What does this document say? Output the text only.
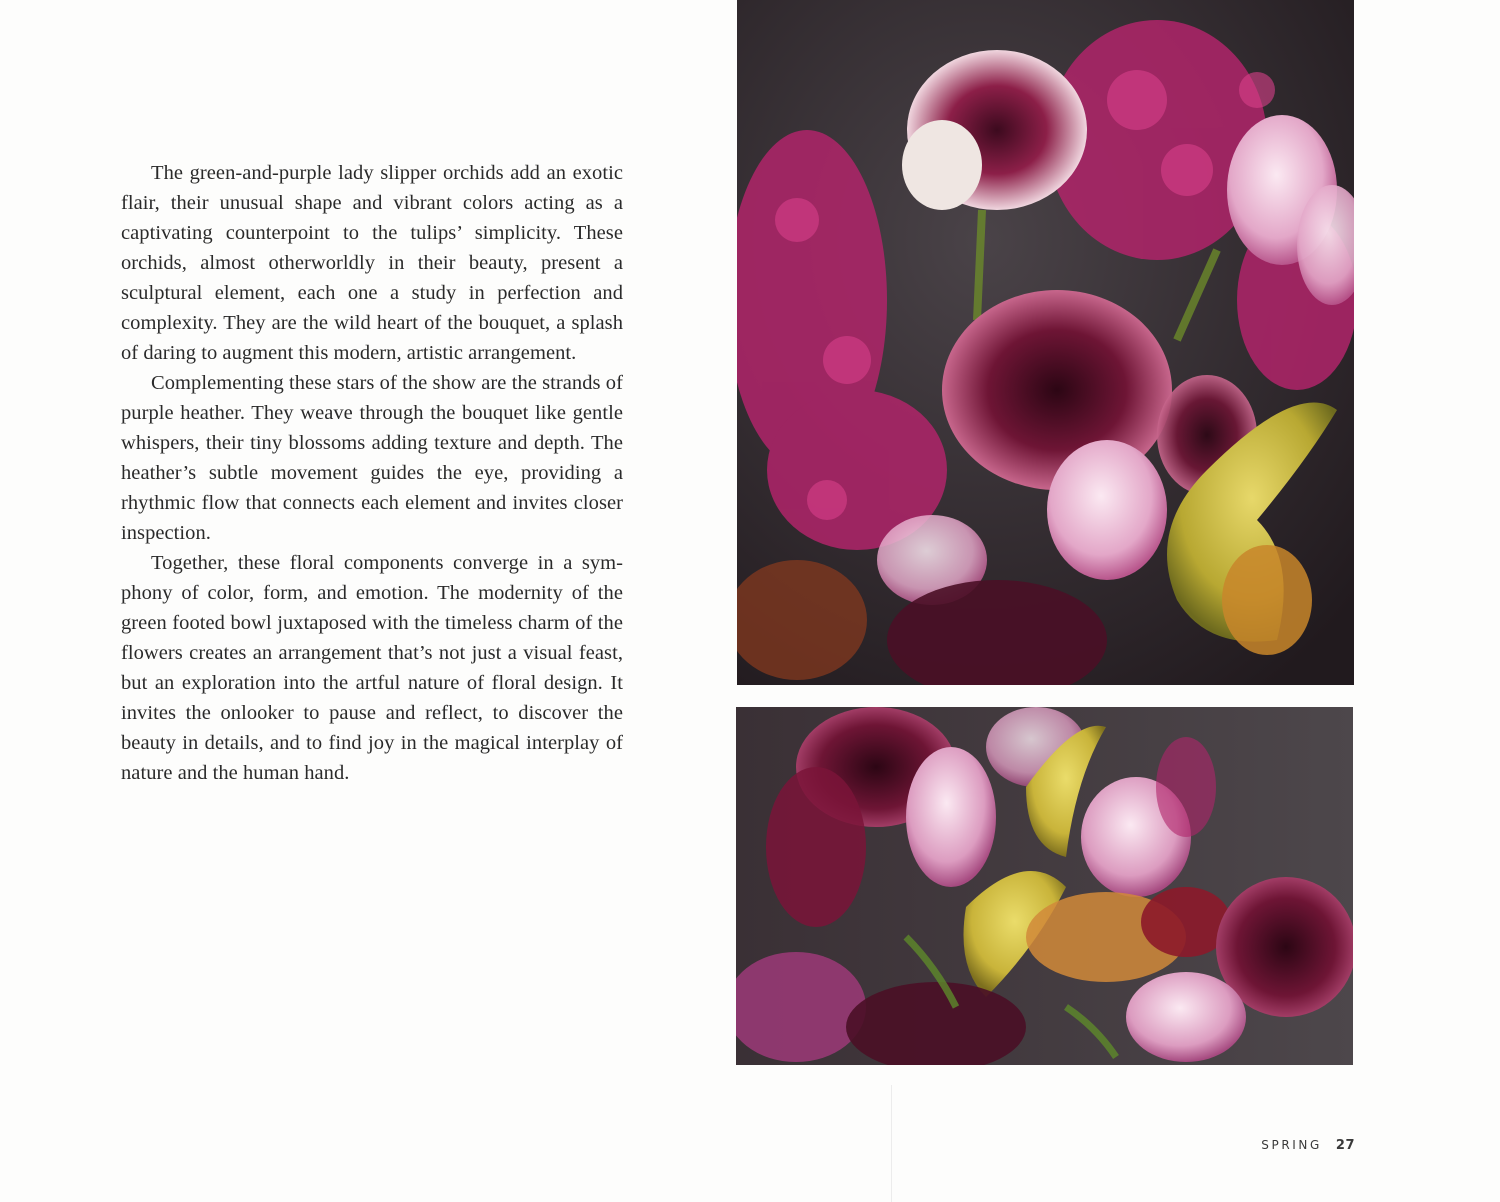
The green-and-purple lady slipper orchids add an exotic flair, their unusual shape and vibrant colors acting as a captivating counterpoint to the tulips’ simplicity. These orchids, almost otherworldly in their beauty, present a sculptural element, each one a study in perfection and complexity. They are the wild heart of the bouquet, a splash of daring to augment this modern, artistic arrangement.

Complementing these stars of the show are the strands of purple heather. They weave through the bouquet like gentle whispers, their tiny blossoms adding texture and depth. The heather’s subtle movement guides the eye, providing a rhythmic flow that connects each element and invites closer inspection.

Together, these floral components converge in a symphony of color, form, and emotion. The modernity of the green footed bowl juxtaposed with the timeless charm of the flowers creates an arrangement that’s not just a visual feast, but an exploration into the artful nature of floral design. It invites the onlooker to pause and reflect, to discover the beauty in details, and to find joy in the magical interplay of nature and the human hand.

SPRING 27
